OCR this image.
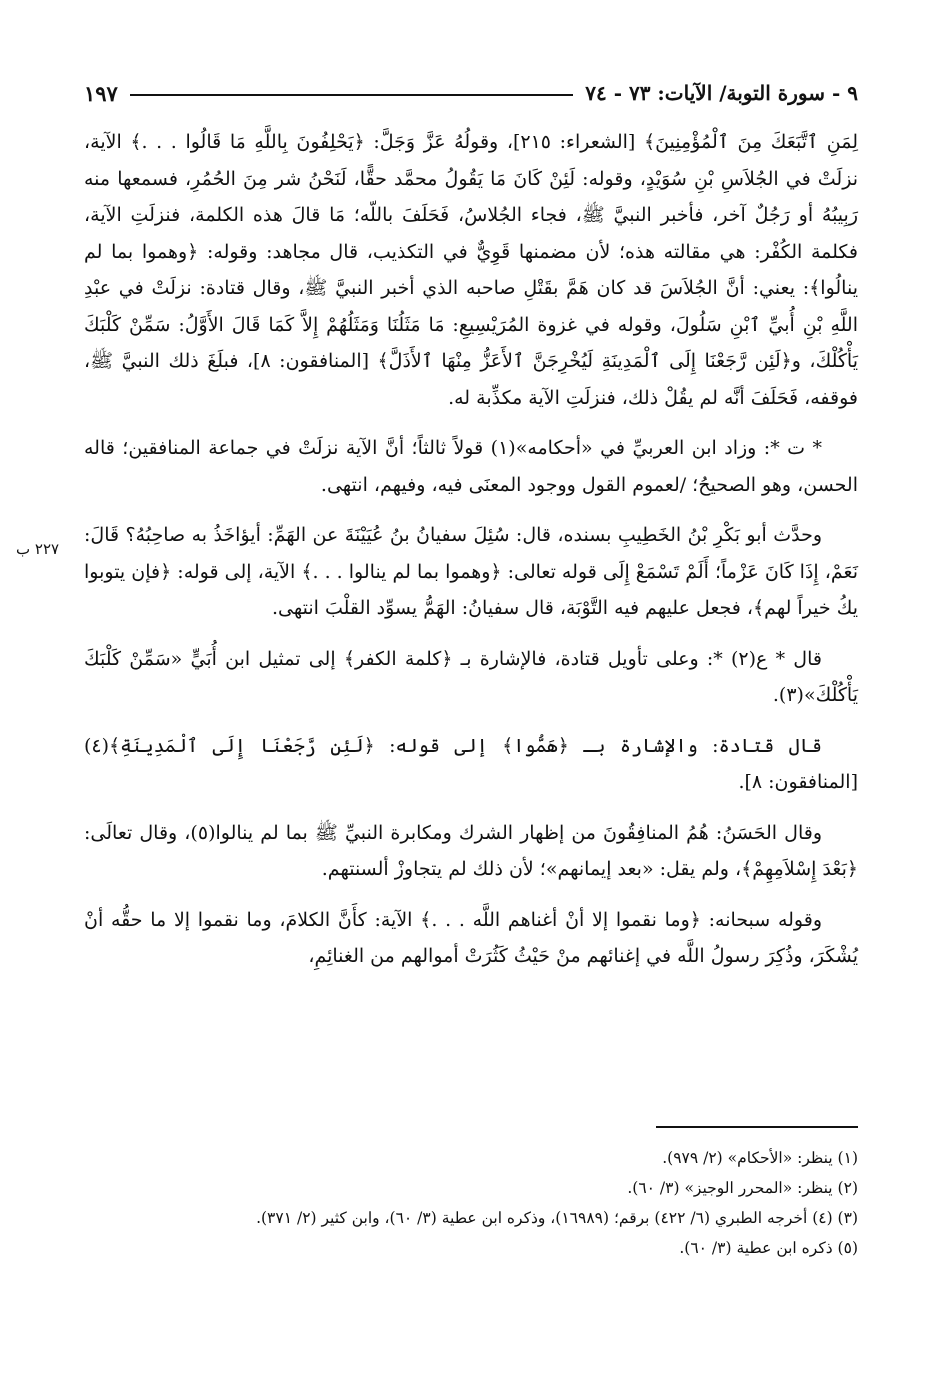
٩ - سورة التوبة/ الآيات: ٧٣ - ٧٤
١٩٧

لِمَنِ ٱتَّبَعَكَ مِنَ ٱلْمُؤْمِنِينَ﴾ [الشعراء: ٢١٥]، وقولُهُ عَزَّ وَجَلَّ: ﴿يَحْلِفُونَ بِاللَّهِ مَا قَالُوا . . .﴾ الآية، نزلَتْ في الجُلاَسِ بْنِ سُوَيْدٍ، وقوله: لَئِنْ كَانَ مَا يَقُولُ محمَّد حقًّا، لَنَحْنُ شر مِنَ الحُمُرِ، فسمعها منه رَبِيبُهُ أو رَجُلٌ آخر، فأخبر النبيَّ ﷺ، فجاء الجُلاسُ، فَحَلَفَ باللّه؛ مَا قالَ هذه الكلمة، فنزلَتِ الآية، فكلمة الكُفْر: هي مقالته هذه؛ لأن مضمنها قَوِيٌّ في التكذيب، قال مجاهد: وقوله: ﴿وهموا بما لم ينالُوا﴾: يعني: أنَّ الجُلاَسَ قد كان هَمَّ بقَتْلِ صاحبه الذي أخبر النبيَّ ﷺ، وقال قتادة: نزلَتْ في عبْدِ اللَّهِ بْنِ أُبيِّ ٱبْنِ سَلُولَ، وقوله في غزوة المُرَيْسِيعِ: مَا مَثَلُنَا وَمَثَلُهُمْ إِلاَّ كَمَا قَالَ الأَوَّلُ: سَمِّنْ كَلْبَكَ يَأْكُلْكَ، و﴿لَئِن رَّجَعْنَا إِلَى ٱلْمَدِينَةِ لَيُخْرِجَنَّ ٱلأَعَزُّ مِنْهَا ٱلأَذَلَّ﴾ [المنافقون: ٨]، فبلَغَ ذلك النبيَّ ﷺ، فوقفه، فَحَلَفَ أنَّه لم يقُلْ ذلك، فنزلَتِ الآية مكذِّبة له.

* ت *: وزاد ابن العربيِّ في «أحكامه»(١) قولاً ثالثاً؛ أنَّ الآية نزلَتْ في جماعة المنافقين؛ قاله الحسن، وهو الصحيحُ؛ /لعموم القول ووجود المعنَى فيه، وفيهم، انتهى.

وحدَّث أبو بَكْرِ بْنُ الخَطِيبِ بسنده، قال: سُئِلَ سفيانُ بنُ عُيَيْنَةَ عن الهَمِّ: أيؤاخَذُ به صاحِبُهُ؟ قَالَ: نَعَمْ، إِذَا كَانَ عَزْماً؛ أَلَمْ تَسْمَعْ إِلَى قوله تعالى: ﴿وهموا بما لم ينالوا . . .﴾ الآية، إلى قوله: ﴿فإن يتوبوا يكُ خيراً لهم﴾، فجعل عليهم فيه التَّوْبَة، قال سفيانُ: الهَمُّ يسوِّد القلْبَ انتهى.

قال * ع(٢) *: وعلى تأويل قتادة، فالإشارة بـ ﴿كلمة الكفر﴾ إلى تمثيل ابن أُبَيٍّ «سَمِّنْ كَلْبَكَ يَأْكُلْكَ»(٣).

قال قتادة: والإشارة بـ ﴿هَمُّوا﴾ إلى قوله: ﴿لَئِن رَّجَعْنَا إِلَى ٱلْمَدِينَةِ﴾(٤) [المنافقون: ٨].

وقال الحَسَنُ: هُمُ المنافِقُونَ من إظهار الشرك ومكابرة النبيِّ ﷺ بما لم ينالوا(٥)، وقال تعالَى: ﴿بَعْدَ إِسْلاَمِهِمْ﴾، ولم يقل: «بعد إيمانهم»؛ لأن ذلك لم يتجاوزْ ألسنتهم.

وقوله سبحانه: ﴿وما نقموا إلا أنْ أغناهم اللَّه . . .﴾ الآية: كأَنَّ الكلامَ، وما نقموا إلا ما حقُّه أنْ يُشْكَرَ، وذُكِرَ رسولُ اللَّه في إغنائهم منْ حَيْثُ كَثُرَتْ أموالهم من الغنائِمِ،

٢٢٧ ب
(١) ينظر: «الأحكام» (٢/ ٩٧٩).
(٢) ينظر: «المحرر الوجيز» (٣/ ٦٠).
(٣) (٤) أخرجه الطبري (٦/ ٤٢٢) برقم؛ (١٦٩٨٩)، وذكره ابن عطية (٣/ ٦٠)، وابن كثير (٢/ ٣٧١).
(٥) ذكره ابن عطية (٣/ ٦٠).
